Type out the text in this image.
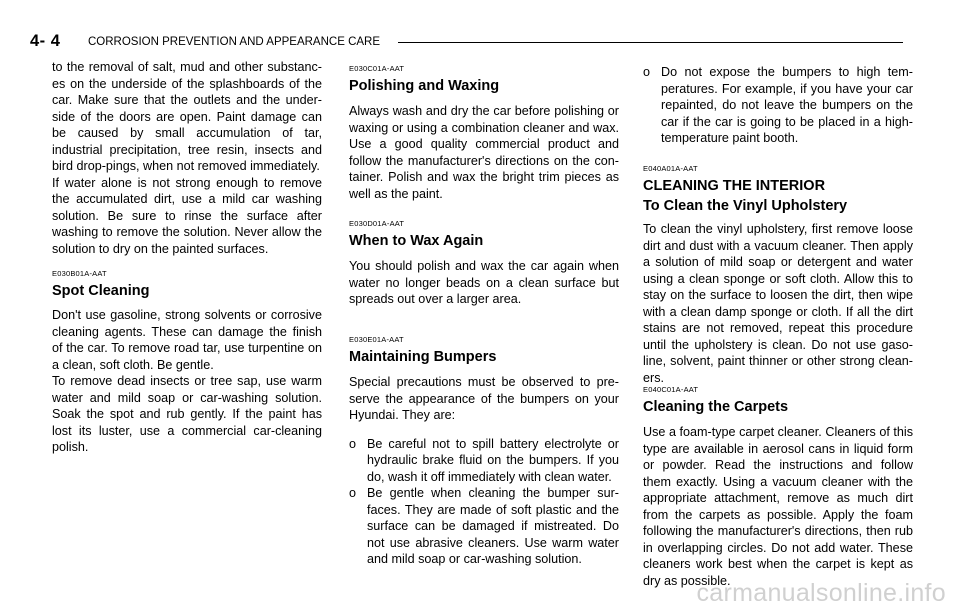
4- 4 CORROSION PREVENTION AND APPEARANCE CARE

to the removal of salt, mud and other substanc-es on the underside of the splashboards of the car. Make sure that the outlets and the under-side of the doors are open. Paint damage can be caused by small accumulation of tar, industrial precipitation, tree resin, insects and bird drop-pings, when not removed immediately.

If water alone is not strong enough to remove the accumulated dirt, use a mild car washing solution. Be sure to rinse the surface after washing to remove the solution. Never allow the solution to dry on the painted surfaces.

E030B01A-AAT
Spot Cleaning

Don't use gasoline, strong solvents or corrosive cleaning agents. These can damage the finish of the car. To remove road tar, use turpentine on a clean, soft cloth. Be gentle.

To remove dead insects or tree sap, use warm water and mild soap or car-washing solution. Soak the spot and rub gently. If the paint has lost its luster, use a commercial car-cleaning polish.

E030C01A-AAT
Polishing and Waxing

Always wash and dry the car before polishing or waxing or using a combination cleaner and wax. Use a good quality commercial product and follow the manufacturer's directions on the con-tainer. Polish and wax the bright trim pieces as well as the paint.

E030D01A-AAT
When to Wax Again

You should polish and wax the car again when water no longer beads on a clean surface but spreads out over a larger area.

E030E01A-AAT
Maintaining Bumpers

Special precautions must be observed to pre-serve the appearance of the bumpers on your Hyundai. They are:

o Be careful not to spill battery electrolyte or hydraulic brake fluid on the bumpers. If you do, wash it off immediately with clean water.
o Be gentle when cleaning the bumper sur-faces. They are made of soft plastic and the surface can be damaged if mistreated. Do not use abrasive cleaners. Use warm water and mild soap or car-washing solution.
o Do not expose the bumpers to high tem-peratures. For example, if you have your car repainted, do not leave the bumpers on the car if the car is going to be placed in a high-temperature paint booth.
E040A01A-AAT
CLEANING THE INTERIOR
To Clean the Vinyl Upholstery

To clean the vinyl upholstery, first remove loose dirt and dust with a vacuum cleaner. Then apply a solution of mild soap or detergent and water using a clean sponge or soft cloth. Allow this to stay on the surface to loosen the dirt, then wipe with a clean damp sponge or cloth. If all the dirt stains are not removed, repeat this procedure until the upholstery is clean. Do not use gaso-line, solvent, paint thinner or other strong clean-ers.

E040C01A-AAT
Cleaning the Carpets

Use a foam-type carpet cleaner. Cleaners of this type are available in aerosol cans in liquid form or powder. Read the instructions and follow them exactly. Using a vacuum cleaner with the appropriate attachment, remove as much dirt from the carpets as possible. Apply the foam following the manufacturer's directions, then rub in overlapping circles. Do not add water. These cleaners work best when the carpet is kept as dry as possible.

carmanualsonline.info
